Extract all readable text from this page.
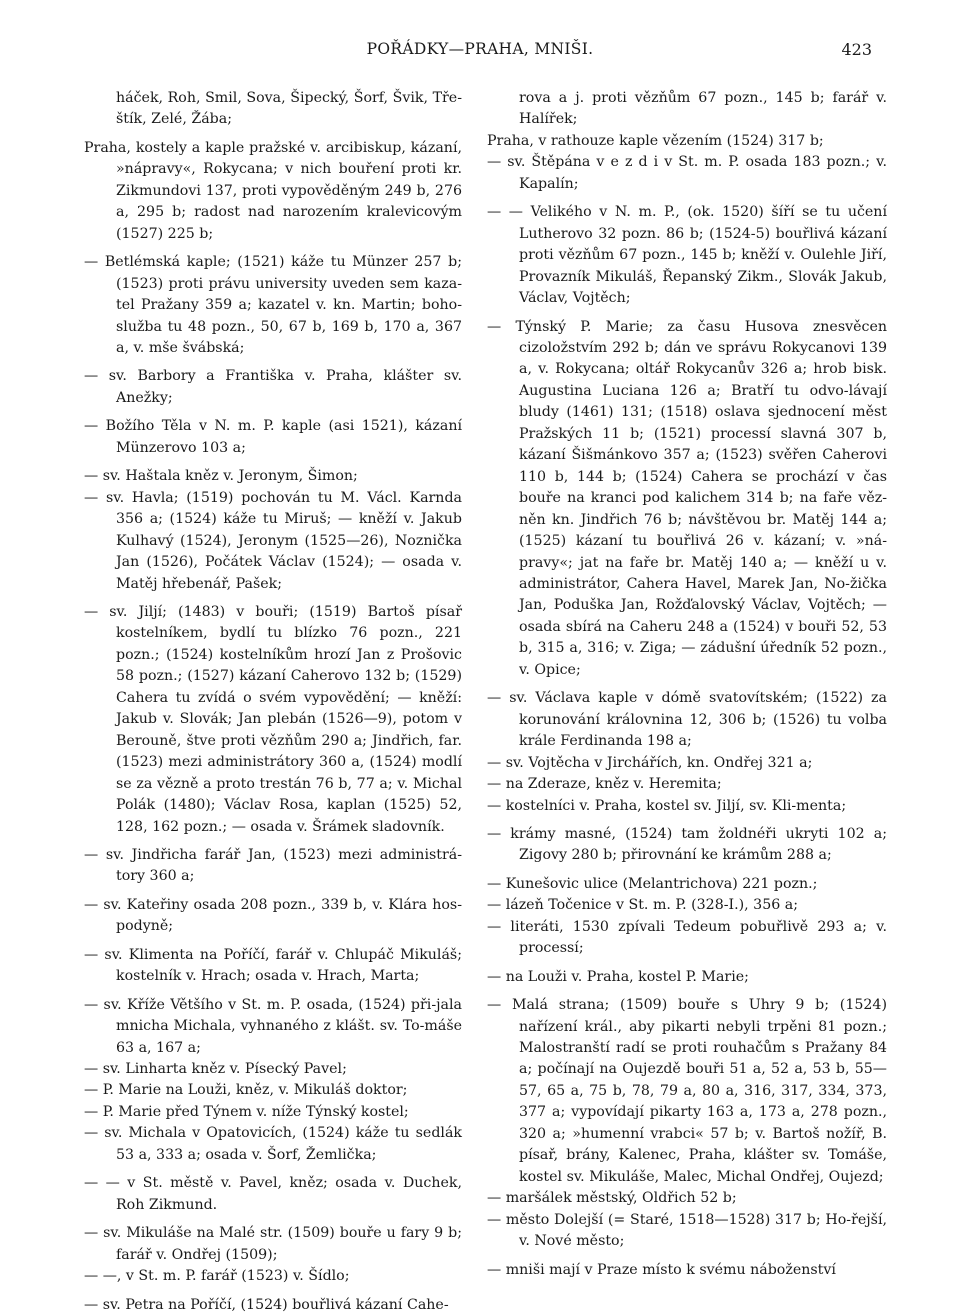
POŘÁDKY—PRAHA, MNIŠI.	423

háček, Roh, Smil, Sova, Šipecký, Šorf, Švik, Tře-štík, Zelé, Žába;

Praha, kostely a kaple pražské v. arcibiskup, kázaní, »nápravy«, Rokycana; v nich bouření proti kr. Zikmundovi 137, proti vypověděným 249 b, 276 a, 295 b; radost nad narozením kralevicovým (1527) 225 b;

— Betlémská kaple; (1521) káže tu Münzer 257 b; (1523) proti právu university uveden sem kaza-tel Pražany 359 a; kazatel v. kn. Martin; boho-služba tu 48 pozn., 50, 67 b, 169 b, 170 a, 367 a, v. mše švábská;

— sv. Barbory a Františka v. Praha, klášter sv. Anežky;

— Božího Těla v N. m. P. kaple (asi 1521), kázaní Münzerovo 103 a;

— sv. Haštala kněz v. Jeronym, Šimon;

— sv. Havla; (1519) pochován tu M. Václ. Karnda 356 a; (1524) káže tu Miruš; — kněží v. Jakub Kulhavý (1524), Jeronym (1525—26), Noznička Jan (1526), Počátek Václav (1524); — osada v. Matěj hřebenář, Pašek;

— sv. Jiljí; (1483) v bouři; (1519) Bartoš písař kostelníkem, bydlí tu blízko 76 pozn., 221 pozn.; (1524) kostelníkům hrozí Jan z Prošovic 58 pozn.; (1527) kázaní Caherovo 132 b; (1529) Cahera tu zvídá o svém vypovědění; — kněží: Jakub v. Slovák; Jan plebán (1526—9), potom v Berouně, štve proti vězňům 290 a; Jindřich, far. (1523) mezi administrátory 360 a, (1524) modlí se za vězně a proto trestán 76 b, 77 a; v. Michal Polák (1480); Václav Rosa, kaplan (1525) 52, 128, 162 pozn.; — osada v. Šrámek sladovník.

— sv. Jindřicha farář Jan, (1523) mezi administrá-tory 360 a;

— sv. Kateřiny osada 208 pozn., 339 b, v. Klára hos-podyně;

— sv. Klimenta na Poříčí, farář v. Chlupáč Mikuláš; kostelník v. Hrach; osada v. Hrach, Marta;

— sv. Kříže Většího v St. m. P. osada, (1524) při-jala mnicha Michala, vyhnaného z klášt. sv. To-máše 63 a, 167 a;

— sv. Linharta kněz v. Písecký Pavel;

— P. Marie na Louži, kněz, v. Mikuláš doktor;

— P. Marie před Týnem v. níže Týnský kostel;

— sv. Michala v Opatovicích, (1524) káže tu sedlák 53 a, 333 a; osada v. Šorf, Žemlička;

— — v St. městě v. Pavel, kněz; osada v. Duchek, Roh Zikmund.

— sv. Mikuláše na Malé str. (1509) bouře u fary 9 b; farář v. Ondřej (1509);

— —, v St. m. P. farář (1523) v. Šídlo;

— sv. Petra na Poříčí, (1524) bouřlivá kázaní Cahe-

rova a j. proti vězňům 67 pozn., 145 b; farář v. Halířek;

Praha, v rathouze kaple vězením (1524) 317 b;

— sv. Štěpána v e z d i v St. m. P. osada 183 pozn.; v. Kapalín;

— — Velikého v N. m. P., (ok. 1520) šíří se tu učení Lutherovo 32 pozn. 86 b; (1524-5) bouřlivá kázaní proti vězňům 67 pozn., 145 b; kněží v. Oulehle Jiří, Provazník Mikuláš, Řepanský Zikm., Slovák Jakub, Václav, Vojtěch;

— Týnský P. Marie; za času Husova znesvěcen cizoložstvím 292 b; dán ve správu Rokycanovi 139 a, v. Rokycana; oltář Rokycanův 326 a; hrob bisk. Augustina Luciana 126 a; Bratří tu odvo-lávají bludy (1461) 131; (1518) oslava sjednocení měst Pražských 11 b; (1521) processí slavná 307 b, kázaní Šišmánkovo 357 a; (1523) svěřen Caherovi 110 b, 144 b; (1524) Cahera se prochází v čas bouře na kranci pod kalichem 314 b; na faře věz-něn kn. Jindřich 76 b; návštěvou br. Matěj 144 a; (1525) kázaní tu bouřlivá 26 v. kázaní; v. »ná-pravy«; jat na faře br. Matěj 140 a; — kněží u v. administrátor, Cahera Havel, Marek Jan, No-žička Jan, Poduška Jan, Rožďalovský Václav, Vojtěch; — osada sbírá na Caheru 248 a (1524) v bouři 52, 53 b, 315 a, 316; v. Ziga; — zádušní úředník 52 pozn., v. Opice;

— sv. Václava kaple v dómě svatovítském; (1522) za korunování královnina 12, 306 b; (1526) tu volba krále Ferdinanda 198 a;

— sv. Vojtěcha v Jirchářích, kn. Ondřej 321 a;

— na Zderaze, kněz v. Heremita;

— kostelníci v. Praha, kostel sv. Jiljí, sv. Kli-menta;

— krámy masné, (1524) tam žoldnéři ukryti 102 a; Zigovy 280 b; přirovnání ke krámům 288 a;

— Kunešovic ulice (Melantrichova) 221 pozn.;

— lázeň Točenice v St. m. P. (328-I.), 356 a;

— literáti, 1530 zpívali Tedeum pobuřlivě 293 a; v. processí;

— na Louži v. Praha, kostel P. Marie;

— Malá strana; (1509) bouře s Uhry 9 b; (1524) nařízení král., aby pikarti nebyli trpěni 81 pozn.; Malostranští radí se proti rouhačům s Pražany 84 a; počínají na Oujezdě bouři 51 a, 52 a, 53 b, 55—57, 65 a, 75 b, 78, 79 a, 80 a, 316, 317, 334, 373, 377 a; vypovídají pikarty 163 a, 173 a, 278 pozn., 320 a; »humenní vrabci« 57 b; v. Bartoš nožíř, B. písař, brány, Kalenec, Praha, klášter sv. Tomáše, kostel sv. Mikuláše, Malec, Michal Ondřej, Oujezd;

— maršálek městský, Oldřich 52 b;

— město Dolejší (= Staré, 1518—1528) 317 b; Ho-řejší, v. Nové město;

— mniši mají v Praze místo k svému náboženství
